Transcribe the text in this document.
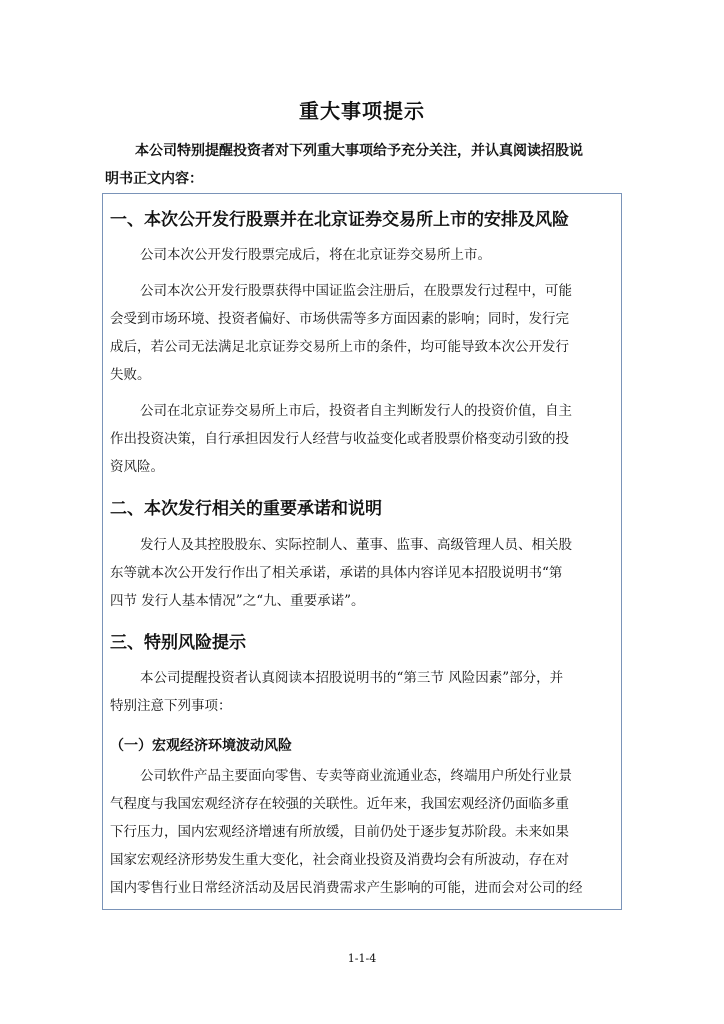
重大事项提示
本公司特别提醒投资者对下列重大事项给予充分关注，并认真阅读招股说
明书正文内容：
一、本次公开发行股票并在北京证券交易所上市的安排及风险
公司本次公开发行股票完成后，将在北京证券交易所上市。
公司本次公开发行股票获得中国证监会注册后，在股票发行过程中，可能
会受到市场环境、投资者偏好、市场供需等多方面因素的影响；同时，发行完
成后，若公司无法满足北京证券交易所上市的条件，均可能导致本次公开发行
失败。
公司在北京证券交易所上市后，投资者自主判断发行人的投资价值，自主
作出投资决策，自行承担因发行人经营与收益变化或者股票价格变动引致的投
资风险。
二、本次发行相关的重要承诺和说明
发行人及其控股股东、实际控制人、董事、监事、高级管理人员、相关股
东等就本次公开发行作出了相关承诺，承诺的具体内容详见本招股说明书“第
四节 发行人基本情况”之“九、重要承诺”。
三、特别风险提示
本公司提醒投资者认真阅读本招股说明书的“第三节 风险因素”部分，并
特别注意下列事项：
（一）宏观经济环境波动风险
公司软件产品主要面向零售、专卖等商业流通业态，终端用户所处行业景
气程度与我国宏观经济存在较强的关联性。近年来，我国宏观经济仍面临多重
下行压力，国内宏观经济增速有所放缓，目前仍处于逐步复苏阶段。未来如果
国家宏观经济形势发生重大变化，社会商业投资及消费均会有所波动，存在对
国内零售行业日常经济活动及居民消费需求产生影响的可能，进而会对公司的经
1-1-4
